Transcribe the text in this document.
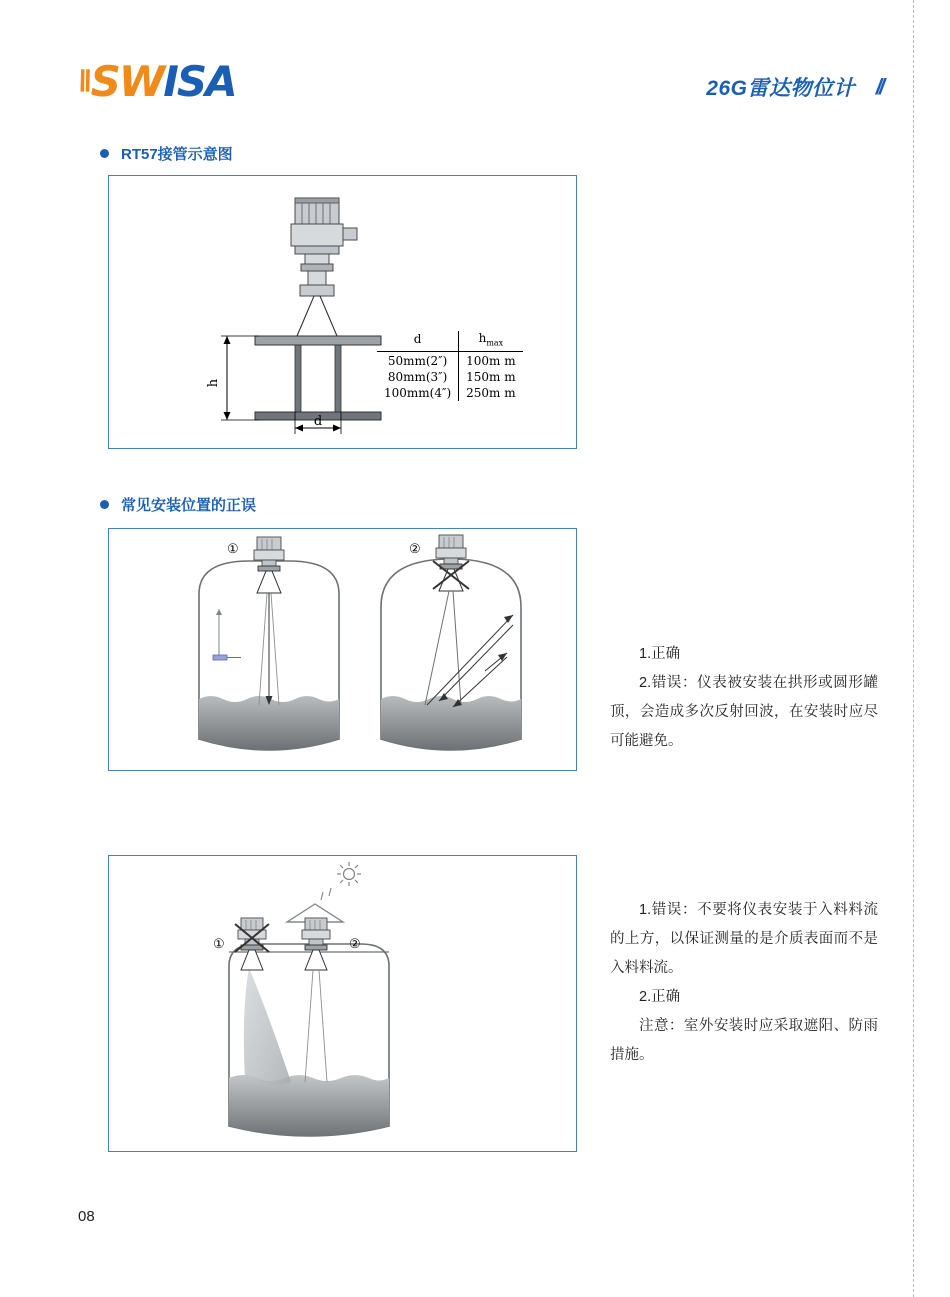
\\
SWISA	26G雷达物位计 //
RT57接管示意图
h
d
d	$h_{max}$
50mm(2″)	100m m
80mm(3″)	150m m
100mm(4″)	250m m
常见安装位置的正误
①	②

1.正确

2.错误：仪表被安装在拱形或圆形罐顶，会造成多次反射回波，在安装时应尽可能避免。

①	②

1.错误：不要将仪表安装于入料料流的上方，以保证测量的是介质表面而不是入料料流。

2.正确

注意：室外安装时应采取遮阳、防雨措施。

08
